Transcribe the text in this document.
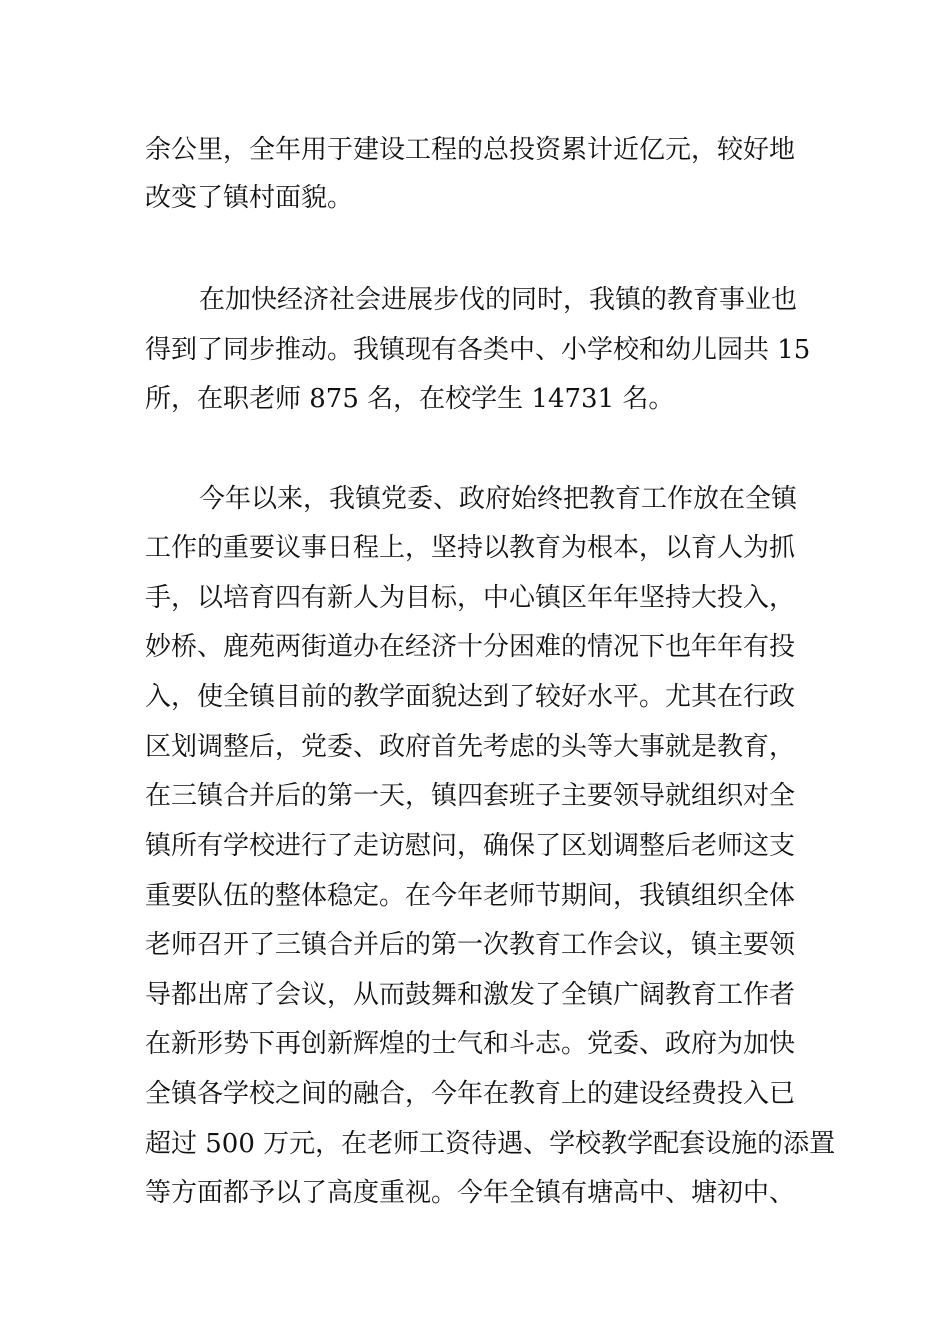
余公里，全年用于建设工程的总投资累计近亿元，较好地
改变了镇村面貌。
在加快经济社会进展步伐的同时，我镇的教育事业也
得到了同步推动。我镇现有各类中、小学校和幼儿园共 15
所，在职老师 875 名，在校学生 14731 名。
今年以来，我镇党委、政府始终把教育工作放在全镇
工作的重要议事日程上，坚持以教育为根本，以育人为抓
手，以培育四有新人为目标，中心镇区年年坚持大投入，
妙桥、鹿苑两街道办在经济十分困难的情况下也年年有投
入，使全镇目前的教学面貌达到了较好水平。尤其在行政
区划调整后，党委、政府首先考虑的头等大事就是教育，
在三镇合并后的第一天，镇四套班子主要领导就组织对全
镇所有学校进行了走访慰问，确保了区划调整后老师这支
重要队伍的整体稳定。在今年老师节期间，我镇组织全体
老师召开了三镇合并后的第一次教育工作会议，镇主要领
导都出席了会议，从而鼓舞和激发了全镇广阔教育工作者
在新形势下再创新辉煌的士气和斗志。党委、政府为加快
全镇各学校之间的融合，今年在教育上的建设经费投入已
超过 500 万元，在老师工资待遇、学校教学配套设施的添置
等方面都予以了高度重视。今年全镇有塘高中、塘初中、
